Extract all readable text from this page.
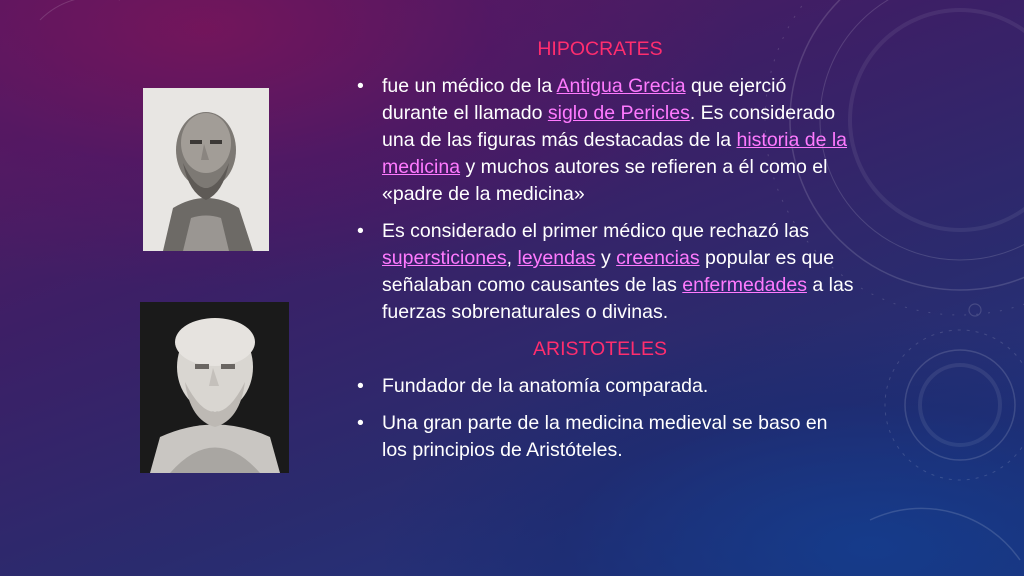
HIPOCRATES
• fue un médico de la Antigua Grecia que ejerció durante el llamado siglo de Pericles. Es considerado una de las figuras más destacadas de la historia de la medicina y muchos autores se refieren a él como el «padre de la medicina»
• Es considerado el primer médico que rechazó las supersticiones, leyendas y creencias popular es que señalaban como causantes de las enfermedades a las fuerzas sobrenaturales o divinas.
ARISTOTELES
• Fundador de la anatomía comparada.
• Una gran parte de la medicina medieval se baso en los principios de Aristóteles.
